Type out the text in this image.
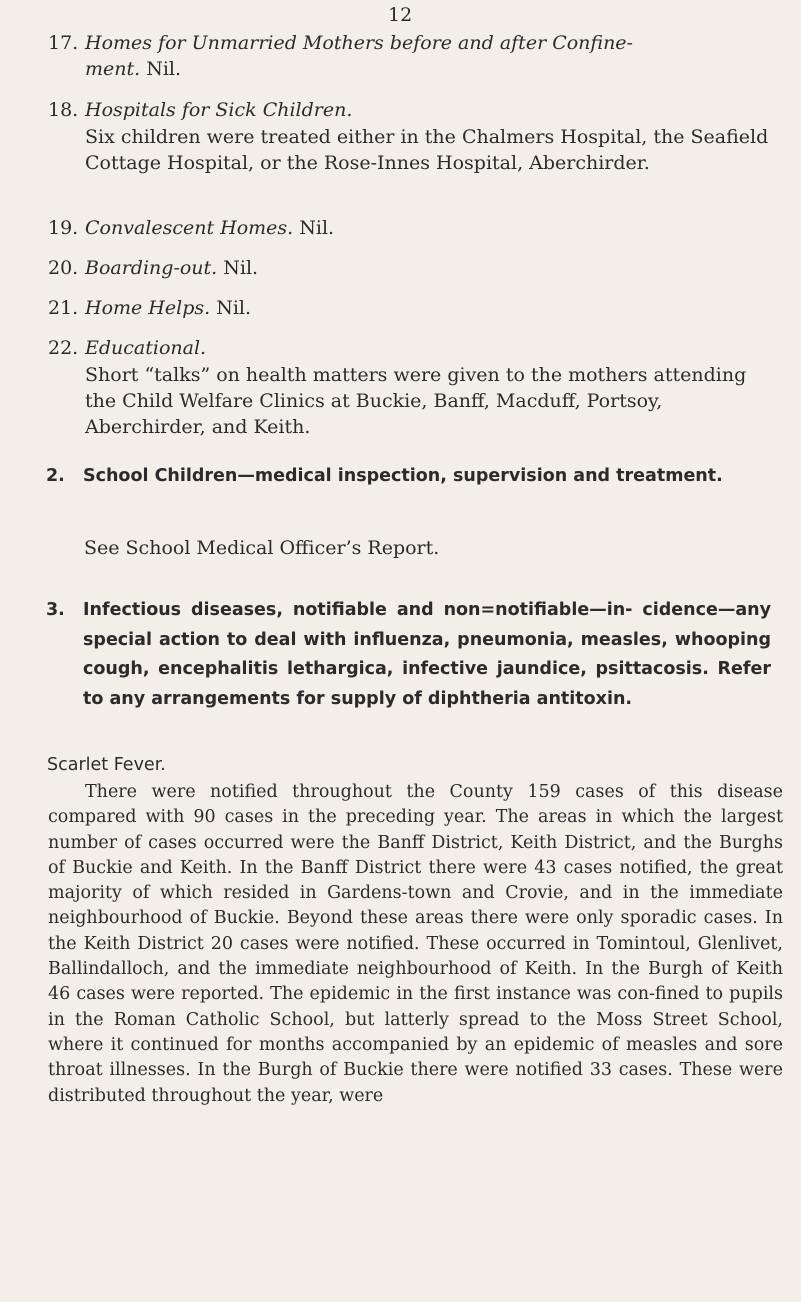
12
17. Homes for Unmarried Mothers before and after Confine-
ment. Nil.
18. Hospitals for Sick Children.
Six children were treated either in the Chalmers Hospital, the Seafield Cottage Hospital, or the Rose-Innes Hospital, Aberchirder.
19. Convalescent Homes. Nil.
20. Boarding-out. Nil.
21. Home Helps. Nil.
22. Educational.
Short “talks” on health matters were given to the mothers attending the Child Welfare Clinics at Buckie, Banff, Macduff, Portsoy, Aberchirder, and Keith.
2. School Children—medical inspection, supervision and treatment.
See School Medical Officer’s Report.
3. Infectious diseases, notifiable and non=notifiable—in- cidence—any special action to deal with influenza, pneumonia, measles, whooping cough, encephalitis lethargica, infective jaundice, psittacosis. Refer to any arrangements for supply of diphtheria antitoxin.
Scarlet Fever.
There were notified throughout the County 159 cases of this disease compared with 90 cases in the preceding year. The areas in which the largest number of cases occurred were the Banff District, Keith District, and the Burghs of Buckie and Keith. In the Banff District there were 43 cases notified, the great majority of which resided in Gardens-town and Crovie, and in the immediate neighbourhood of Buckie. Beyond these areas there were only sporadic cases. In the Keith District 20 cases were notified. These occurred in Tomintoul, Glenlivet, Ballindalloch, and the immediate neighbourhood of Keith. In the Burgh of Keith 46 cases were reported. The epidemic in the first instance was con-fined to pupils in the Roman Catholic School, but latterly spread to the Moss Street School, where it continued for months accompanied by an epidemic of measles and sore throat illnesses. In the Burgh of Buckie there were notified 33 cases. These were distributed throughout the year, were
